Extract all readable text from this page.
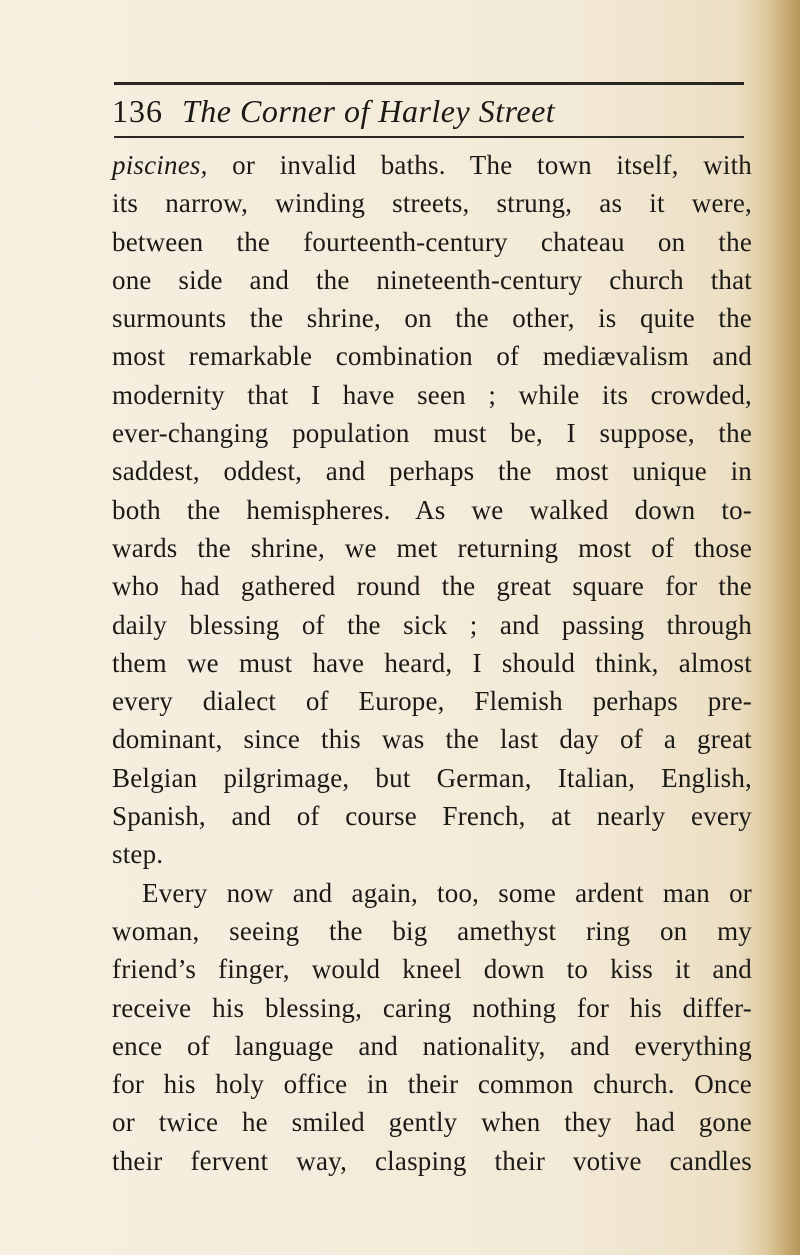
136 The Corner of Harley Street
piscines, or invalid baths. The town itself, with
its narrow, winding streets, strung, as it were,
between the fourteenth-century chateau on the
one side and the nineteenth-century church that
surmounts the shrine, on the other, is quite the
most remarkable combination of mediævalism and
modernity that I have seen ; while its crowded,
ever-changing population must be, I suppose, the
saddest, oddest, and perhaps the most unique in
both the hemispheres. As we walked down to-
wards the shrine, we met returning most of those
who had gathered round the great square for the
daily blessing of the sick ; and passing through
them we must have heard, I should think, almost
every dialect of Europe, Flemish perhaps pre-
dominant, since this was the last day of a great
Belgian pilgrimage, but German, Italian, English,
Spanish, and of course French, at nearly every
step.
Every now and again, too, some ardent man or
woman, seeing the big amethyst ring on my
friend’s finger, would kneel down to kiss it and
receive his blessing, caring nothing for his differ-
ence of language and nationality, and everything
for his holy office in their common church. Once
or twice he smiled gently when they had gone
their fervent way, clasping their votive candles
